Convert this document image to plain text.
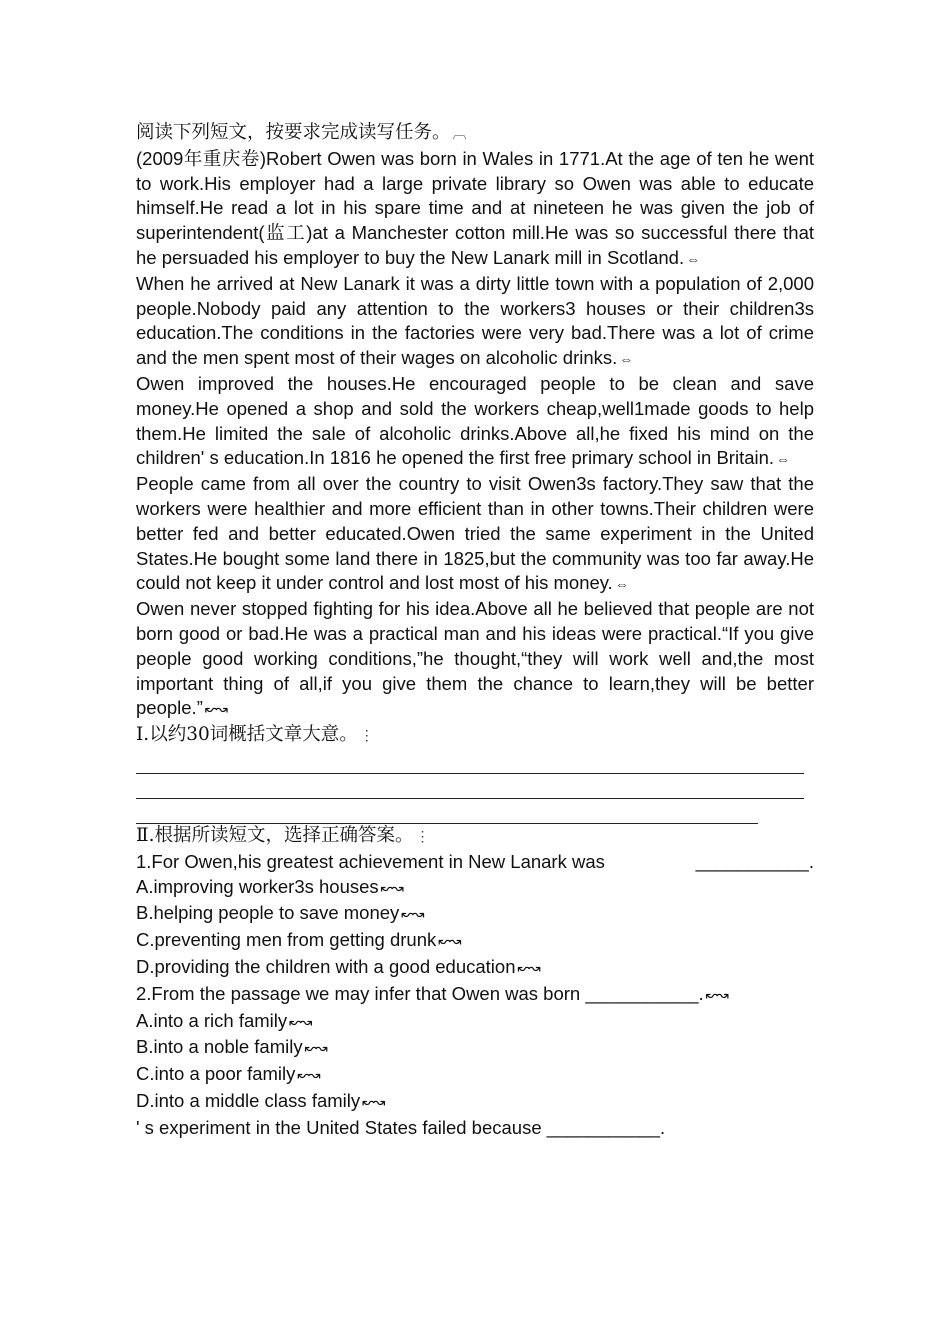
阅读下列短文，按要求完成读写任务。 ︹

(2009年重庆卷)Robert Owen was born in Wales in 1771.At the age of ten he went to work.His employer had a large private library so Owen was able to educate himself.He read a lot in his spare time and at nineteen he was given the job of superintendent(监工)at a Manchester cotton mill.He was so successful there that he persuaded his employer to buy the New Lanark mill in Scotland. ⇔

When he arrived at New Lanark it was a dirty little town with a population of 2,000 people.Nobody paid any attention to the workers3 houses or their children3s education.The conditions in the factories were very bad.There was a lot of crime and the men spent most of their wages on alcoholic drinks. ⇔

Owen improved the houses.He encouraged people to be clean and save money.He opened a shop and sold the workers cheap,well1made goods to help them.He limited the sale of alcoholic drinks.Above all,he fixed his mind on the children' s education.In 1816 he opened the first free primary school in Britain. ⇔

People came from all over the country to visit Owen3s factory.They saw that the workers were healthier and more efficient than in other towns.Their children were better fed and better educated.Owen tried the same experiment in the United States.He bought some land there in 1825,but the community was too far away.He could not keep it under control and lost most of his money. ⇔

Owen never stopped fighting for his idea.Above all he believed that people are not born good or bad.He was a practical man and his ideas were practical.“If you give people good working conditions,”he thought,“they will work well and,the most important thing of all,if you give them the chance to learn,they will be better people.” ↜↝

Ⅰ.以约30词概括文章大意。 ⋮

Ⅱ.根据所读短文，选择正确答案。 ⋮

1.For Owen,his greatest achievement in New Lanark was	___________.

A.improving worker3s houses ↜↝

B.helping people to save money ↜↝

C.preventing men from getting drunk ↜↝

D.providing the children with a good education ↜↝

2.From the passage we may infer that Owen was born ___________. ↜↝

A.into a rich family ↜↝

B.into a noble family ↜↝

C.into a poor family ↜↝

D.into a middle class family ↜↝

' s experiment in the United States failed because ___________.
